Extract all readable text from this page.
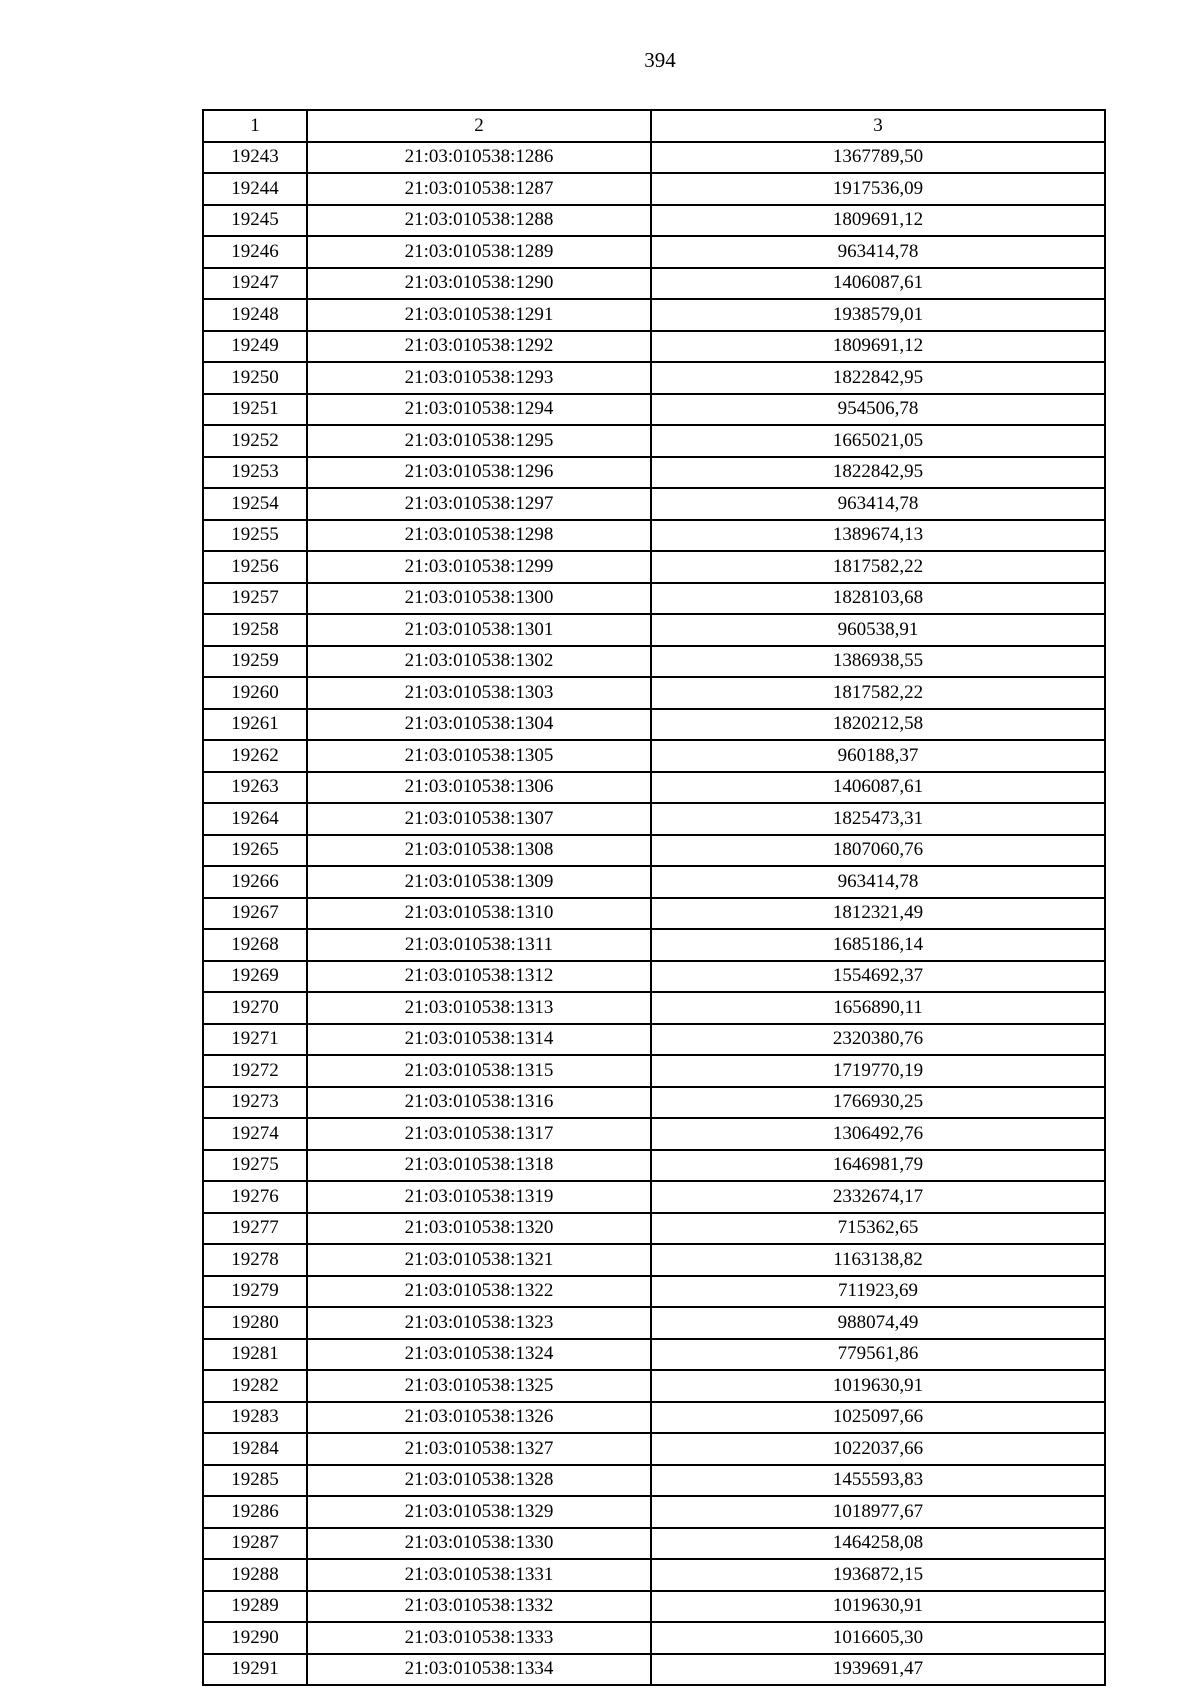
394
1	2	3
19243	21:03:010538:1286	1367789,50
19244	21:03:010538:1287	1917536,09
19245	21:03:010538:1288	1809691,12
19246	21:03:010538:1289	963414,78
19247	21:03:010538:1290	1406087,61
19248	21:03:010538:1291	1938579,01
19249	21:03:010538:1292	1809691,12
19250	21:03:010538:1293	1822842,95
19251	21:03:010538:1294	954506,78
19252	21:03:010538:1295	1665021,05
19253	21:03:010538:1296	1822842,95
19254	21:03:010538:1297	963414,78
19255	21:03:010538:1298	1389674,13
19256	21:03:010538:1299	1817582,22
19257	21:03:010538:1300	1828103,68
19258	21:03:010538:1301	960538,91
19259	21:03:010538:1302	1386938,55
19260	21:03:010538:1303	1817582,22
19261	21:03:010538:1304	1820212,58
19262	21:03:010538:1305	960188,37
19263	21:03:010538:1306	1406087,61
19264	21:03:010538:1307	1825473,31
19265	21:03:010538:1308	1807060,76
19266	21:03:010538:1309	963414,78
19267	21:03:010538:1310	1812321,49
19268	21:03:010538:1311	1685186,14
19269	21:03:010538:1312	1554692,37
19270	21:03:010538:1313	1656890,11
19271	21:03:010538:1314	2320380,76
19272	21:03:010538:1315	1719770,19
19273	21:03:010538:1316	1766930,25
19274	21:03:010538:1317	1306492,76
19275	21:03:010538:1318	1646981,79
19276	21:03:010538:1319	2332674,17
19277	21:03:010538:1320	715362,65
19278	21:03:010538:1321	1163138,82
19279	21:03:010538:1322	711923,69
19280	21:03:010538:1323	988074,49
19281	21:03:010538:1324	779561,86
19282	21:03:010538:1325	1019630,91
19283	21:03:010538:1326	1025097,66
19284	21:03:010538:1327	1022037,66
19285	21:03:010538:1328	1455593,83
19286	21:03:010538:1329	1018977,67
19287	21:03:010538:1330	1464258,08
19288	21:03:010538:1331	1936872,15
19289	21:03:010538:1332	1019630,91
19290	21:03:010538:1333	1016605,30
19291	21:03:010538:1334	1939691,47
